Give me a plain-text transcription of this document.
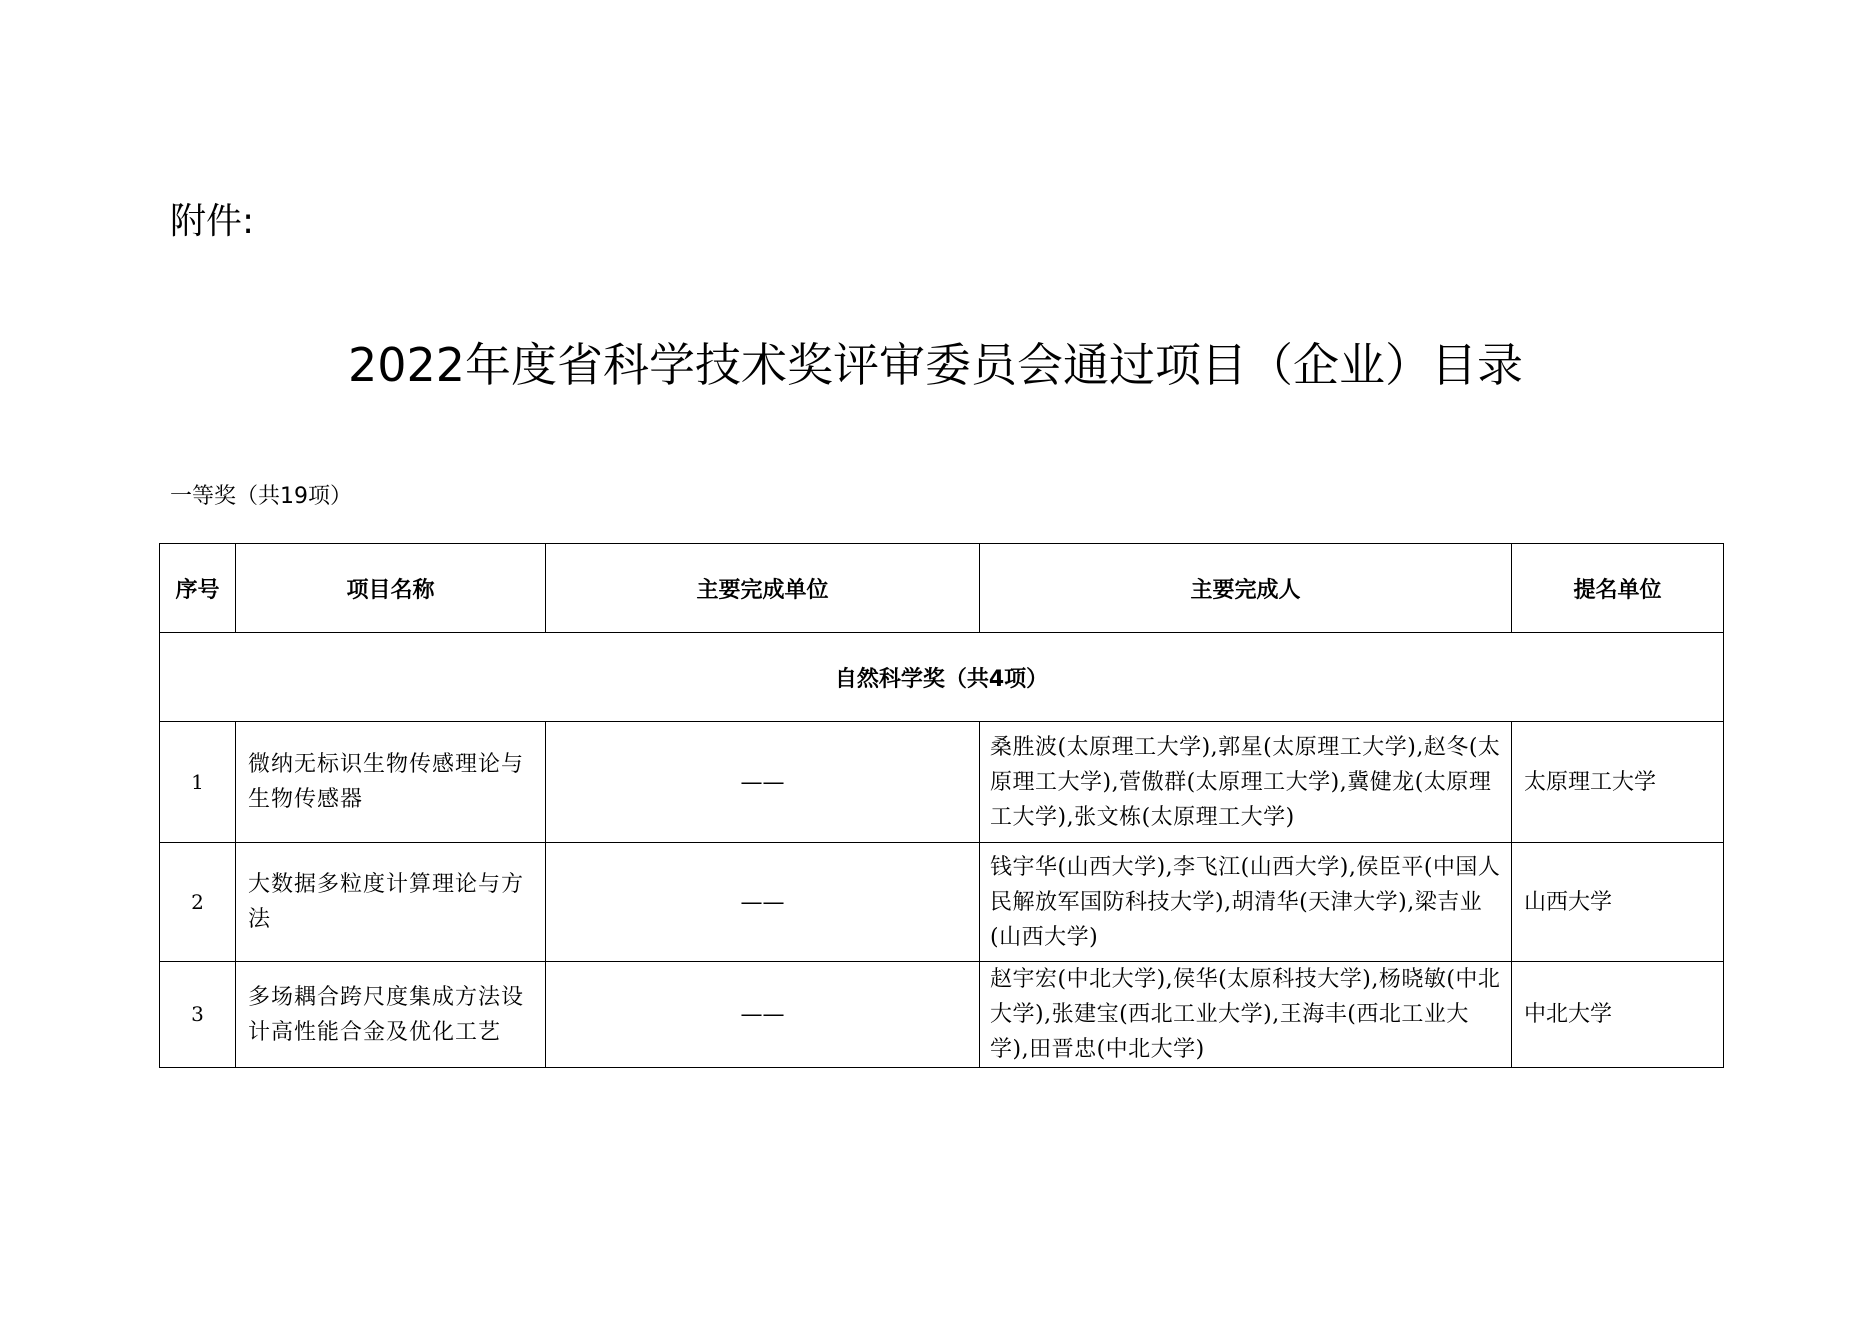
附件:
2022年度省科学技术奖评审委员会通过项目（企业）目录
一等奖（共19项）
序号	项目名称	主要完成单位	主要完成人	提名单位
自然科学奖（共4项）				
1	微纳无标识生物传感理论与生物传感器	——	桑胜波(太原理工大学),郭星(太原理工大学),赵冬(太原理工大学),菅傲群(太原理工大学),冀健龙(太原理工大学),张文栋(太原理工大学)	太原理工大学
2	大数据多粒度计算理论与方法	——	钱宇华(山西大学),李飞江(山西大学),侯臣平(中国人民解放军国防科技大学),胡清华(天津大学),梁吉业(山西大学)	山西大学
3	多场耦合跨尺度集成方法设计高性能合金及优化工艺	——	赵宇宏(中北大学),侯华(太原科技大学),杨晓敏(中北大学),张建宝(西北工业大学),王海丰(西北工业大学),田晋忠(中北大学)	中北大学
